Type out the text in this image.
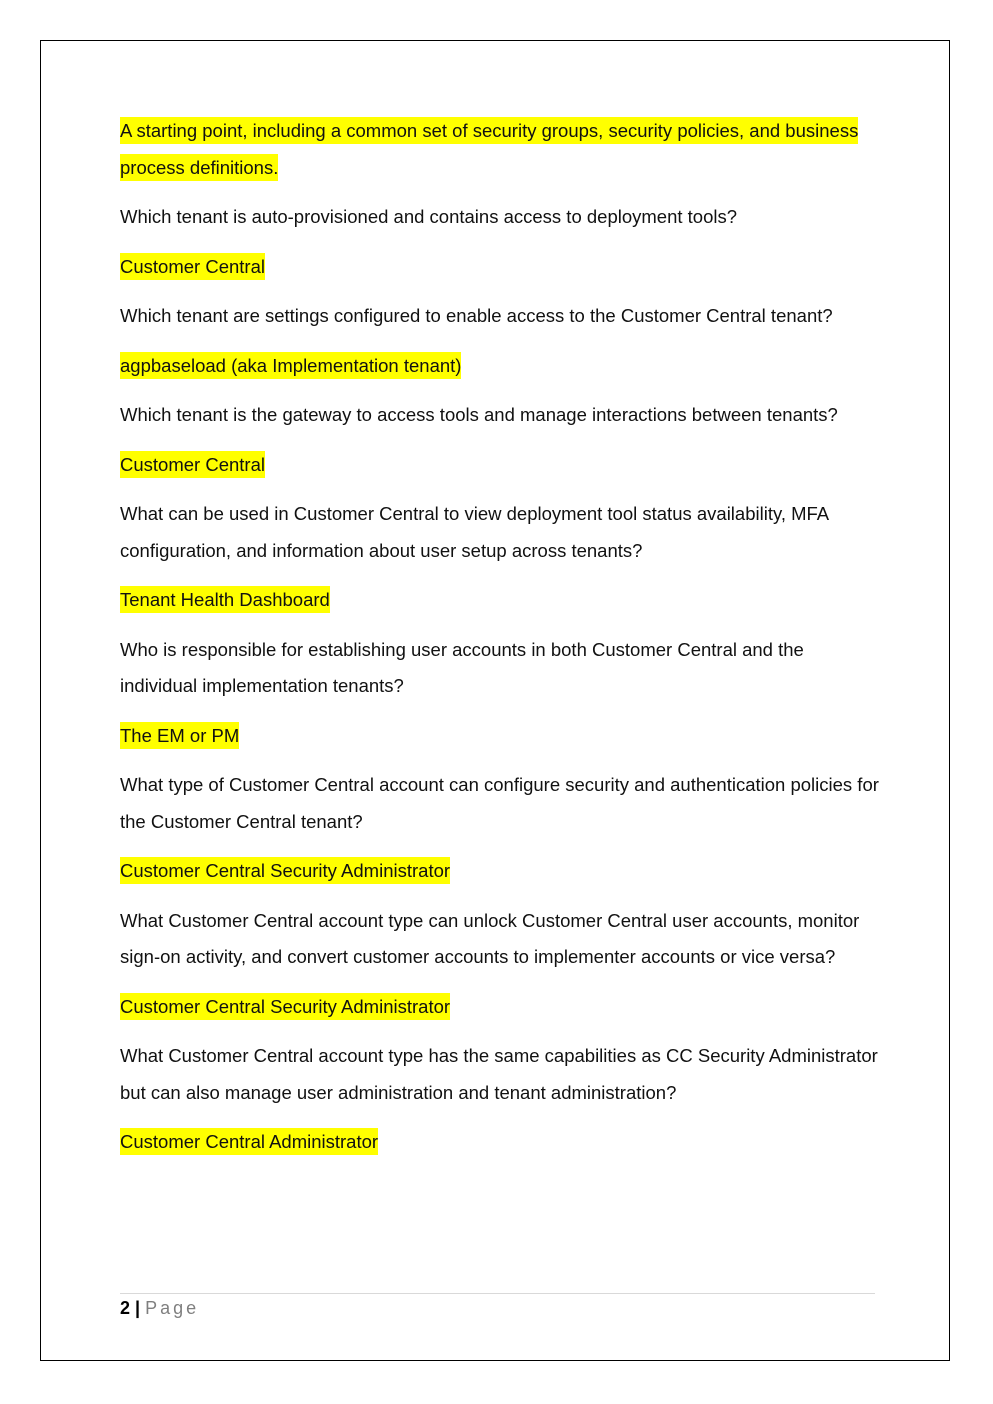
A starting point, including a common set of security groups, security policies, and business process definitions.

Which tenant is auto-provisioned and contains access to deployment tools?

Customer Central

Which tenant are settings configured to enable access to the Customer Central tenant?

agpbaseload (aka Implementation tenant)

Which tenant is the gateway to access tools and manage interactions between tenants?

Customer Central

What can be used in Customer Central to view deployment tool status availability, MFA configuration, and information about user setup across tenants?

Tenant Health Dashboard

Who is responsible for establishing user accounts in both Customer Central and the individual implementation tenants?

The EM or PM

What type of Customer Central account can configure security and authentication policies for the Customer Central tenant?

Customer Central Security Administrator

What Customer Central account type can unlock Customer Central user accounts, monitor sign-on activity, and convert customer accounts to implementer accounts or vice versa?

Customer Central Security Administrator

What Customer Central account type has the same capabilities as CC Security Administrator but can also manage user administration and tenant administration?

Customer Central Administrator

2 | Page
